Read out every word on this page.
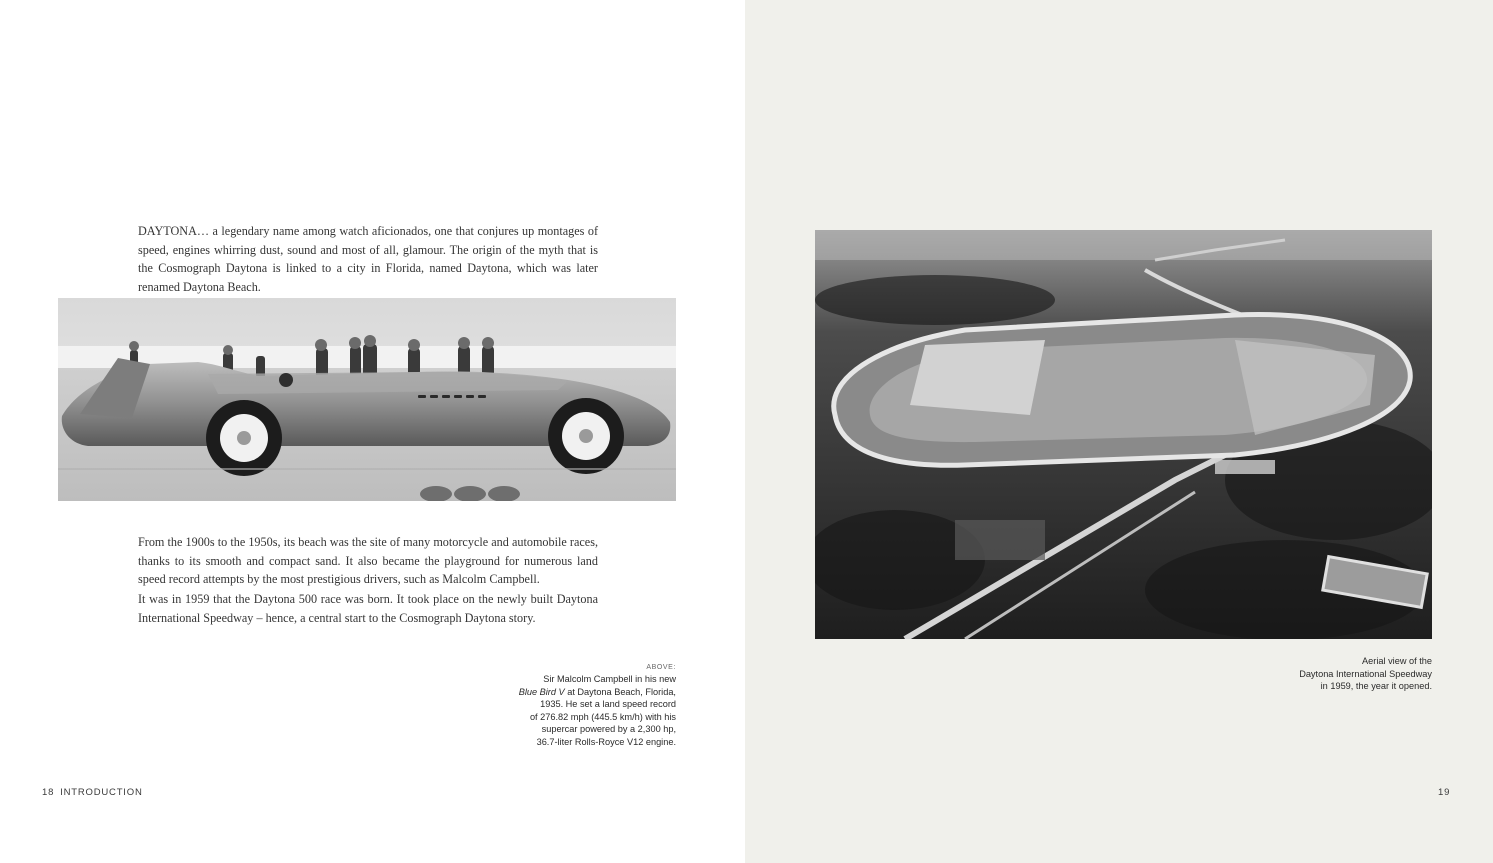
DAYTONA… a legendary name among watch aficionados, one that conjures up montages of speed, engines whirring dust, sound and most of all, glamour. The origin of the myth that is the Cosmograph Daytona is linked to a city in Florida, named Daytona, which was later renamed Daytona Beach.

From the 1900s to the 1950s, its beach was the site of many motorcycle and automobile races, thanks to its smooth and compact sand. It also became the playground for numerous land speed record attempts by the most prestigious drivers, such as Malcolm Campbell.

It was in 1959 that the Daytona 500 race was born. It took place on the newly built Daytona International Speedway – hence, a central start to the Cosmograph Daytona story.

ABOVE:
Sir Malcolm Campbell in his new
Blue Bird V at Daytona Beach, Florida,
1935. He set a land speed record
of 276.82 mph (445.5 km/h) with his
supercar powered by a 2,300 hp,
36.7-liter Rolls-Royce V12 engine.
18 INTRODUCTION
Aerial view of the
Daytona International Speedway
in 1959, the year it opened.
19
